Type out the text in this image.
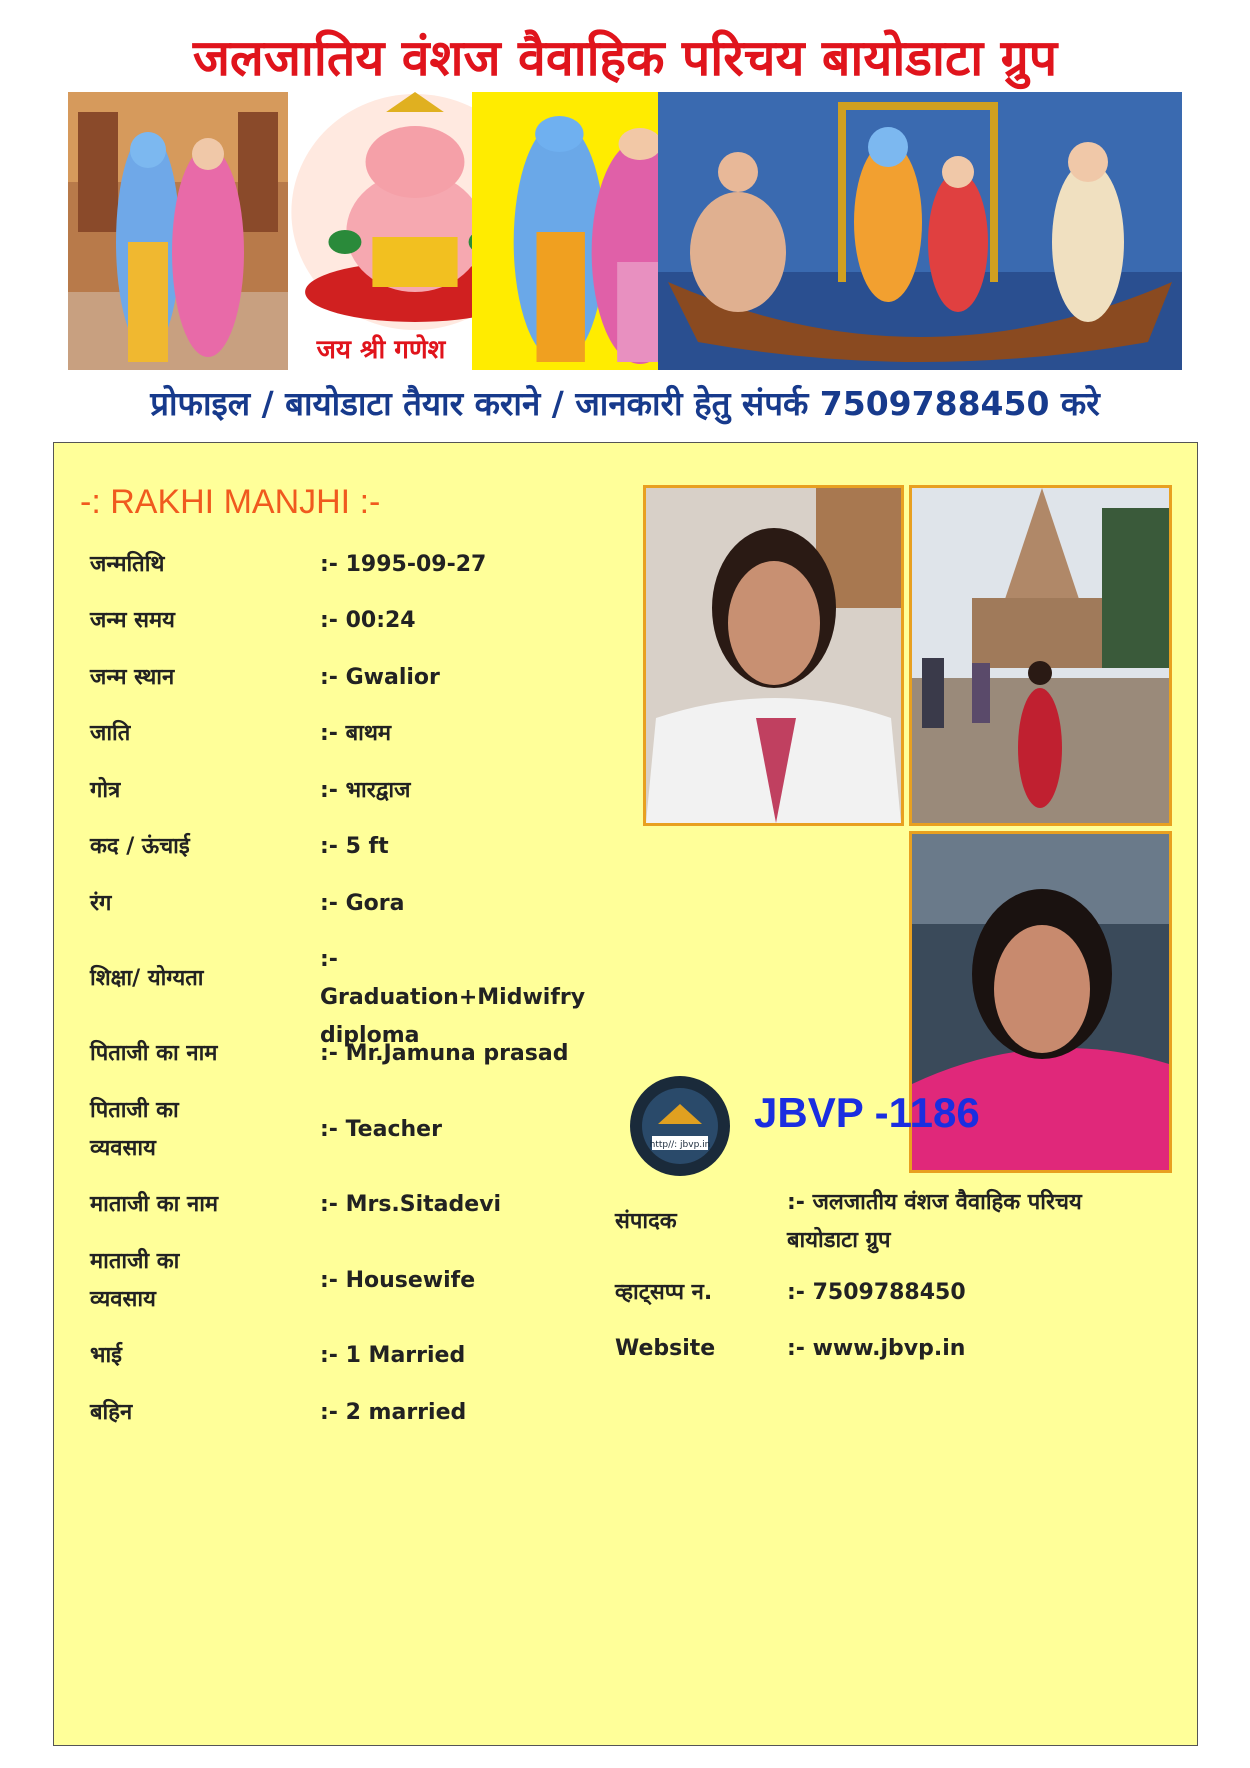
जलजातिय वंशज वैवाहिक परिचय बायोडाटा ग्रुप
जय श्री गणेश
प्रोफाइल / बायोडाटा तैयार कराने / जानकारी हेतु संपर्क 7509788450 करे
-: RAKHI MANJHI :-
जन्मतिथि	:- 1995-09-27
जन्म समय	:- 00:24
जन्म स्थान	:- Gwalior
जाति	:- बाथम
गोत्र	:- भारद्वाज
कद / ऊंचाई	:- 5 ft
रंग	:- Gora
शिक्षा/ योग्यता
:- Graduation+Midwifry diploma
पिताजी का नाम	:- Mr.Jamuna prasad
पिताजी का व्यवसाय
:- Teacher
माताजी का नाम	:- Mrs.Sitadevi
माताजी का व्यवसाय
:- Housewife
भाई	:- 1 Married
बहिन	:- 2 married
http//: jbvp.in
JBVP -1186
संपादक
:- जलजातीय वंशज वैवाहिक परिचय बायोडाटा ग्रुप
व्हाट्सप्प न.	:- 7509788450
Website	:- www.jbvp.in
